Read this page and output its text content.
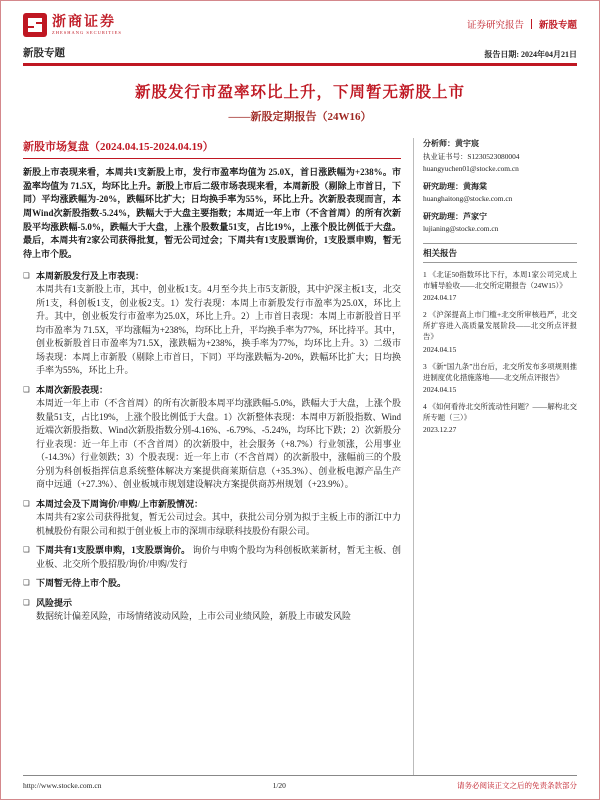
浙商证券
ZHESHANG SECURITIES
证券研究报告 新股专题
新股专题	报告日期: 2024年04月21日
新股发行市盈率环比上升，下周暂无新股上市
——新股定期报告（24W16）
新股市场复盘（2024.04.15-2024.04.19）

新股上市表现来看，本周共1支新股上市，发行市盈率均值为 25.0X，首日涨跌幅为+238%。市盈率均值为 71.5X，均环比上升。新股上市后二级市场表现来看，本周新股（剔除上市首日，下同）平均涨跌幅为-20%，跌幅环比扩大；日均换手率为55%，环比上升。次新股表现而言，本周Wind次新股指数-5.24%，跌幅大于大盘主要指数；本周近一年上市（不含首周）的所有次新股平均涨跌幅-5.0%，跌幅大于大盘，上涨个股数量51支，占比19%，上涨个股比例低于大盘。最后，本周共有2家公司获得批复，暂无公司过会；下周共有1支股票询价，1支股票申购，暂无待上市个股。

❑ 本周新股发行及上市表现：
本周共有1支新股上市，其中，创业板1支。4月至今共上市5支新股，其中沪深主板1支，北交所1支，科创板1支，创业板2支。1）发行表现：本周上市新股发行市盈率为25.0X，环比上升。其中，创业板发行市盈率为25.0X，环比上升。2）上市首日表现：本周上市新股首日平均市盈率为 71.5X，平均涨幅为+238%，均环比上升，平均换手率为77%，环比持平。其中，创业板新股首日市盈率为71.5X，涨跌幅为+238%，换手率为77%，均环比上升。3）二级市场表现：本周上市新股（剔除上市首日，下同）平均涨跌幅为-20%，跌幅环比扩大；日均换手率为55%，环比上升。
❑ 本周次新股表现：
本周近一年上市（不含首周）的所有次新股本周平均涨跌幅-5.0%，跌幅大于大盘，上涨个股数量51支，占比19%，上涨个股比例低于大盘。1）次新整体表现：本周申万新股指数、Wind近端次新股指数、Wind次新股指数分别-4.16%、-6.79%、-5.24%，均环比下跌；2）次新股分行业表现：近一年上市（不含首周）的次新股中，社会服务（+8.7%）行业领涨，公用事业（-14.3%）行业领跌；3）个股表现：近一年上市（不含首周）的次新股中，涨幅前三的个股分别为科创板指挥信息系统整体解决方案提供商莱斯信息（+35.3%）、创业板电源产品生产商中远通（+27.3%）、创业板城市规划建设解决方案提供商苏州规划（+23.9%）。
❑ 本周过会及下周询价/申购/上市新股情况：
本周共有2家公司获得批复，暂无公司过会。其中，获批公司分别为拟于主板上市的浙江中力机械股份有限公司和拟于创业板上市的深圳市绿联科技股份有限公司。
❑ 下周共有1支股票申购，1支股票询价。 询价与申购个股均为科创板欧莱新材，暂无主板、创业板、北交所个股招股/询价/申购/发行
❑ 下周暂无待上市个股。
❑ 风险提示
数据统计偏差风险，市场情绪波动风险，上市公司业绩风险，新股上市破发风险
分析师：黄宇宸
执业证书号：S1230523080004
huangyuchen01@stocke.com.cn
研究助理：黄海棠
huanghaitong@stocke.com.cn
研究助理：芦家宁
lujianing@stocke.com.cn
相关报告
1 《北证50指数环比下行，本周1家公司完成上市辅导验收——北交所定期报告（24W15）》
2024.04.17
2 《沪深提高上市门槛+北交所审核趋严，北交所扩容进入高质量发展阶段——北交所点评报告》
2024.04.15
3 《新“国九条”出台后，北交所发布多项规则推进制度优化措施落地——北交所点评报告》
2024.04.15
4 《如何看待北交所流动性问题？——解构北交所专题（三）》
2023.12.27
http://www.stocke.com.cn	1/20	请务必阅读正文之后的免责条款部分
